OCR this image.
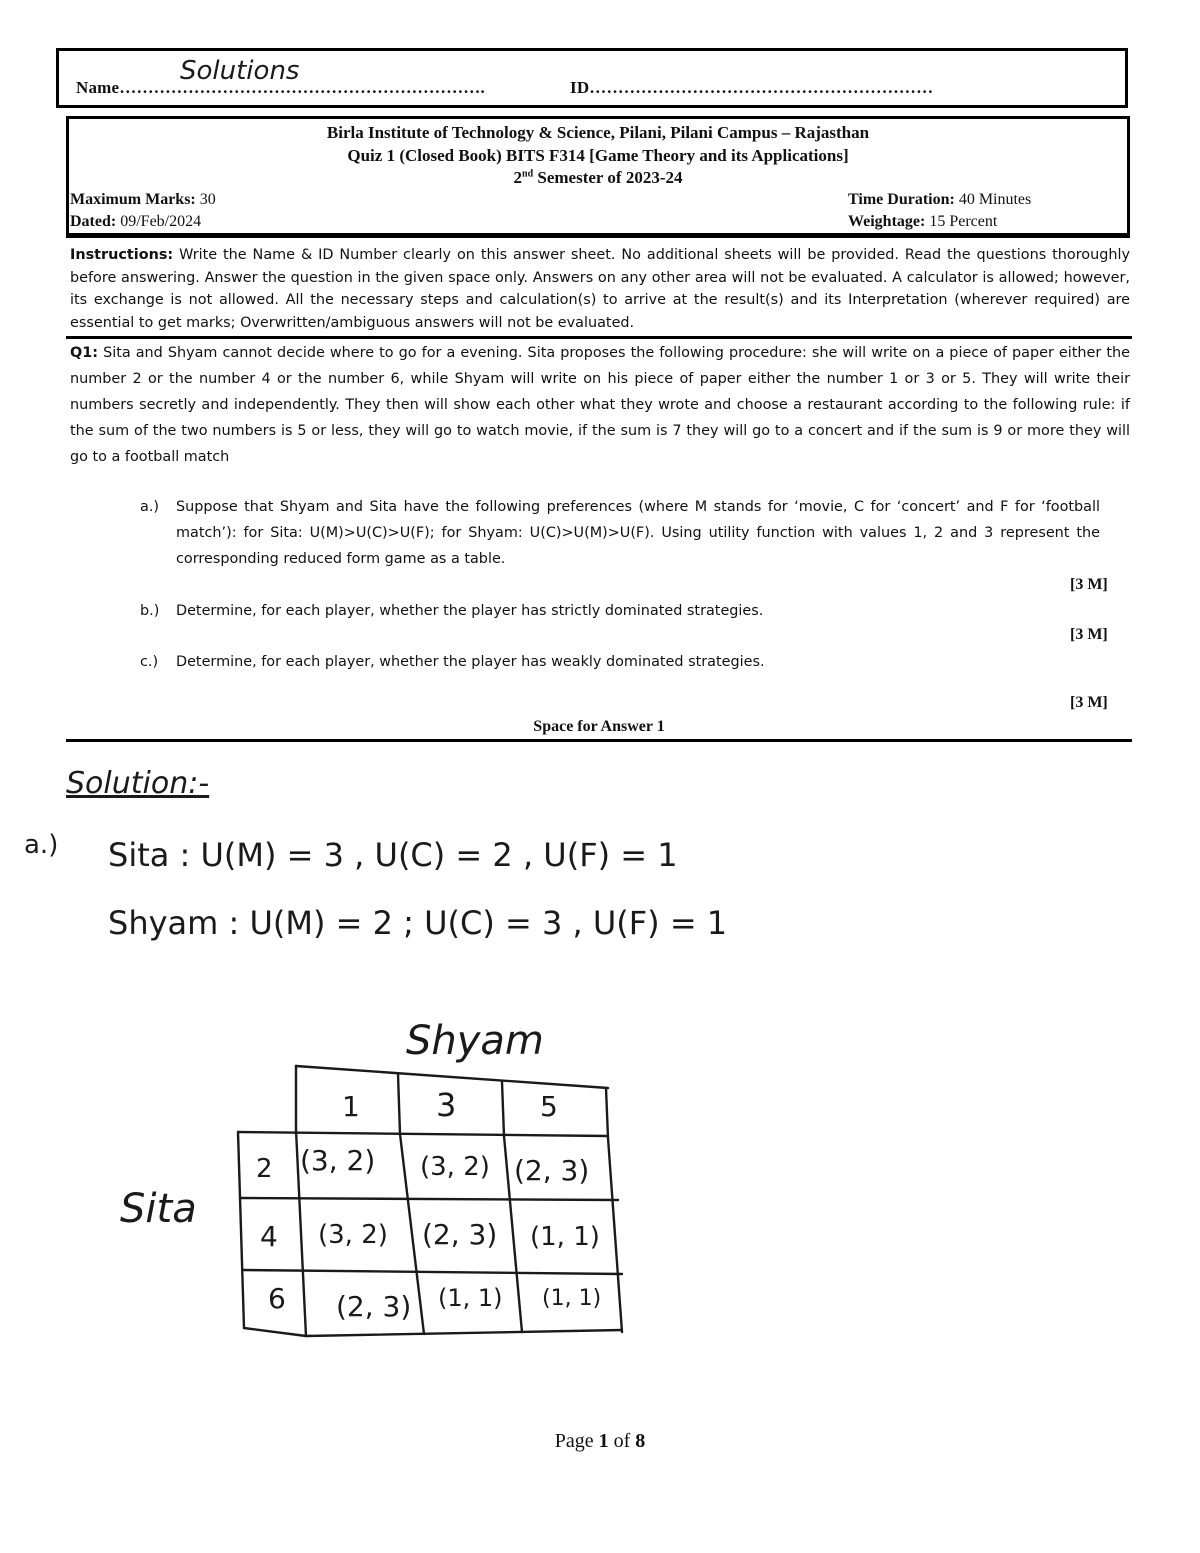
Name……………………………………………………….
Solutions
ID……………………………………………………
Birla Institute of Technology & Science, Pilani, Pilani Campus – Rajasthan
Quiz 1 (Closed Book) BITS F314 [Game Theory and its Applications]
2nd Semester of 2023-24
Maximum Marks: 30	Time Duration: 40 Minutes
Dated: 09/Feb/2024	Weightage: 15 Percent
Instructions: Write the Name & ID Number clearly on this answer sheet. No additional sheets will be provided. Read the questions thoroughly before answering. Answer the question in the given space only. Answers on any other area will not be evaluated. A calculator is allowed; however, its exchange is not allowed. All the necessary steps and calculation(s) to arrive at the result(s) and its Interpretation (wherever required) are essential to get marks; Overwritten/ambiguous answers will not be evaluated.
Q1: Sita and Shyam cannot decide where to go for a evening. Sita proposes the following procedure: she will write on a piece of paper either the number 2 or the number 4 or the number 6, while Shyam will write on his piece of paper either the number 1 or 3 or 5. They will write their numbers secretly and independently. They then will show each other what they wrote and choose a restaurant according to the following rule: if the sum of the two numbers is 5 or less, they will go to watch movie, if the sum is 7 they will go to a concert and if the sum is 9 or more they will go to a football match
a.) Suppose that Shyam and Sita have the following preferences (where M stands for ‘movie, C for ‘concert’ and F for ‘football match’): for Sita: U(M)>U(C)>U(F); for Shyam: U(C)>U(M)>U(F). Using utility function with values 1, 2 and 3 represent the corresponding reduced form game as a table.
[3 M]
b.) Determine, for each player, whether the player has strictly dominated strategies.
[3 M]
c.) Determine, for each player, whether the player has weakly dominated strategies.
[3 M]
Space for Answer 1
Solution:-
a.) Sita : U(M) = 3 , U(C) = 2 , U(F) = 1
Shyam : U(M) = 2 ; U(C) = 3 , U(F) = 1
Shyam
Sita
1 3	5
2 (3, 2) (3, 2) (2, 3)
4 (3, 2) (2, 3) (1, 1)
6 (2, 3) (1, 1) (1, 1)
Page 1 of 8
